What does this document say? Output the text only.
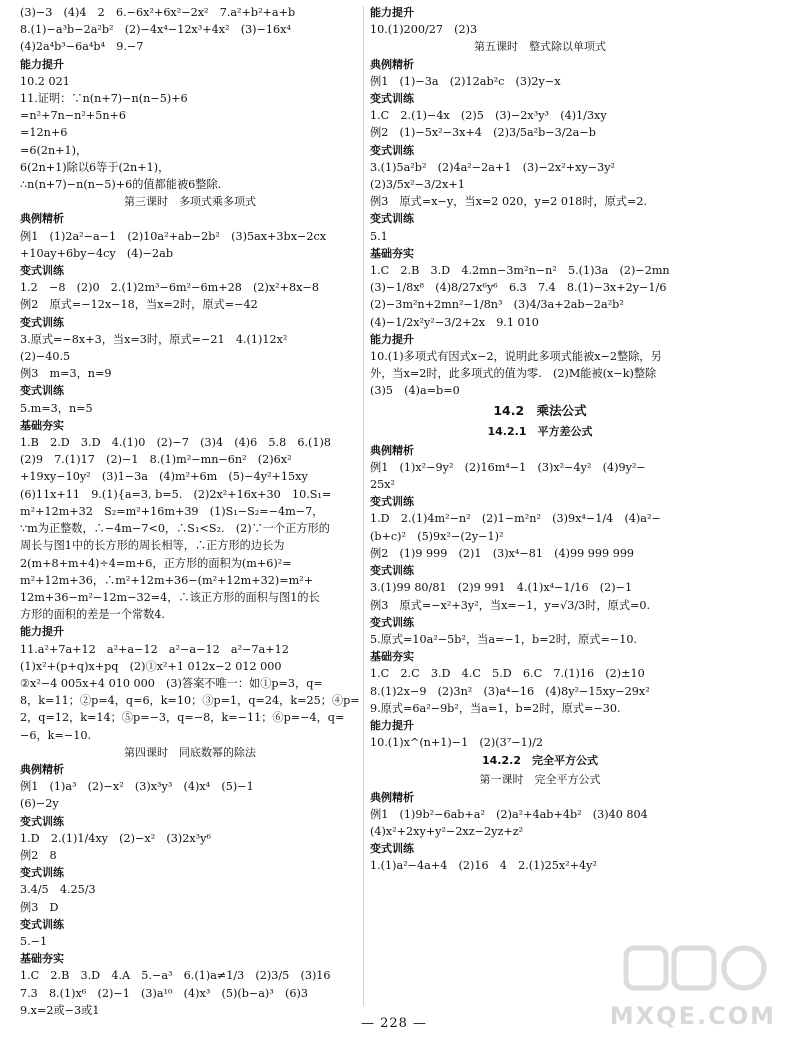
(3)−3　(4)4　2　6.−6x²+6x²−2x²　7.a²+b²+a+b
8.(1)−a³b−2a²b²　(2)−4x⁴−12x³+4x²　(3)−16x⁴
(4)2a⁴b³−6a⁴b⁴　9.−7
能力提升
10.2 021
11.证明：∵n(n+7)−n(n−5)+6
=n²+7n−n²+5n+6
=12n+6
=6(2n+1)，
6(2n+1)除以6等于(2n+1)，
∴n(n+7)−n(n−5)+6的值都能被6整除.
第三课时　多项式乘多项式
典例精析
例1　(1)2a²−a−1　(2)10a²+ab−2b²　(3)5ax+3bx−2cx
+10ay+6by−4cy　(4)−2ab
变式训练
1.2　−8　(2)0　2.(1)2m³−6m²−6m+28　(2)x²+8x−8
例2　原式=−12x−18，当x=2时，原式=−42
变式训练
3.原式=−8x+3，当x=3时，原式=−21　4.(1)12x²
(2)−40.5
例3　m=3，n=9
变式训练
5.m=3，n=5
基础夯实
1.B　2.D　3.D　4.(1)0　(2)−7　(3)4　(4)6　5.8　6.(1)8
(2)9　7.(1)17　(2)−1　8.(1)m²−mn−6n²　(2)6x²
+19xy−10y²　(3)1−3a　(4)m²+6m　(5)−4y²+15xy
(6)11x+11　9.(1){a=3, b=5.　(2)2x²+16x+30　10.S₁=
m²+12m+32　S₂=m²+16m+39　(1)S₁−S₂=−4m−7，
∵m为正整数，∴−4m−7<0，∴S₁<S₂.　(2)∵一个正方形的
周长与图1中的长方形的周长相等，∴正方形的边长为
2(m+8+m+4)÷4=m+6，正方形的面积为(m+6)²=
m²+12m+36，∴m²+12m+36−(m²+12m+32)=m²+
12m+36−m²−12m−32=4，∴该正方形的面积与图1的长
方形的面积的差是一个常数4.
能力提升
11.a²+7a+12　a²+a−12　a²−a−12　a²−7a+12
(1)x²+(p+q)x+pq　(2)①x²+1 012x−2 012 000
②x²−4 005x+4 010 000　(3)答案不唯一：如①p=3，q=
8，k=11；②p=4，q=6，k=10；③p=1，q=24，k=25；④p=
2，q=12，k=14；⑤p=−3，q=−8，k=−11；⑥p=−4，q=
−6，k=−10.
第四课时　同底数幂的除法
典例精析
例1　(1)a³　(2)−x²　(3)x³y³　(4)x⁴　(5)−1
(6)−2y
变式训练
1.D　2.(1)1/4xy　(2)−x²　(3)2x³y⁶
例2　8
变式训练
3.4/5　4.25/3
例3　D
变式训练
5.−1
基础夯实
1.C　2.B　3.D　4.A　5.−a³　6.(1)a≠1/3　(2)3/5　(3)16
7.3　8.(1)x⁶　(2)−1　(3)a¹⁰　(4)x³　(5)(b−a)³　(6)3
9.x=2或−3或1
能力提升
10.(1)200/27　(2)3
第五课时　整式除以单项式
典例精析
例1　(1)−3a　(2)12ab²c　(3)2y−x
变式训练
1.C　2.(1)−4x　(2)5　(3)−2x³y³　(4)1/3xy
例2　(1)−5x²−3x+4　(2)3/5a²b−3/2a−b
变式训练
3.(1)5a²b²　(2)4a²−2a+1　(3)−2x²+xy−3y²
(2)3/5x²−3/2x+1
例3　原式=x−y，当x=2 020，y=2 018时，原式=2.
变式训练
5.1
基础夯实
1.C　2.B　3.D　4.2mn−3m²n−n²　5.(1)3a　(2)−2mn
(3)−1/8x⁸　(4)8/27x⁶y⁶　6.3　7.4　8.(1)−3x+2y−1/6
(2)−3m²n+2mn²−1/8n³　(3)4/3a+2ab−2a²b²
(4)−1/2x²y²−3/2+2x　9.1 010
能力提升
10.(1)多项式有因式x−2，说明此多项式能被x−2整除，另
外，当x=2时，此多项式的值为零.　(2)M能被(x−k)整除
(3)5　(4)a=b=0
14.2　乘法公式
14.2.1　平方差公式
典例精析
例1　(1)x²−9y²　(2)16m⁴−1　(3)x²−4y²　(4)9y²−
25x²
变式训练
1.D　2.(1)4m²−n²　(2)1−m²n²　(3)9x⁴−1/4　(4)a²−
(b+c)²　(5)9x²−(2y−1)²
例2　(1)9 999　(2)1　(3)x⁴−81　(4)99 999 999
变式训练
3.(1)99 80/81　(2)9 991　4.(1)x⁴−1/16　(2)−1
例3　原式=−x²+3y²，当x=−1，y=√3/3时，原式=0.
变式训练
5.原式=10a²−5b²，当a=−1，b=2时，原式=−10.
基础夯实
1.C　2.C　3.D　4.C　5.D　6.C　7.(1)16　(2)±10
8.(1)2x−9　(2)3n²　(3)a⁴−16　(4)8y²−15xy−29x²
9.原式=6a²−9b²，当a=1，b=2时，原式=−30.
能力提升
10.(1)x^(n+1)−1　(2)(3⁷−1)/2
14.2.2　完全平方公式
第一课时　完全平方公式
典例精析
例1　(1)9b²−6ab+a²　(2)a²+4ab+4b²　(3)40 804
(4)x²+2xy+y²−2xz−2yz+z²
变式训练
1.(1)a²−4a+4　(2)16　4　2.(1)25x²+4y²
— 228 —	MXQE.COM
